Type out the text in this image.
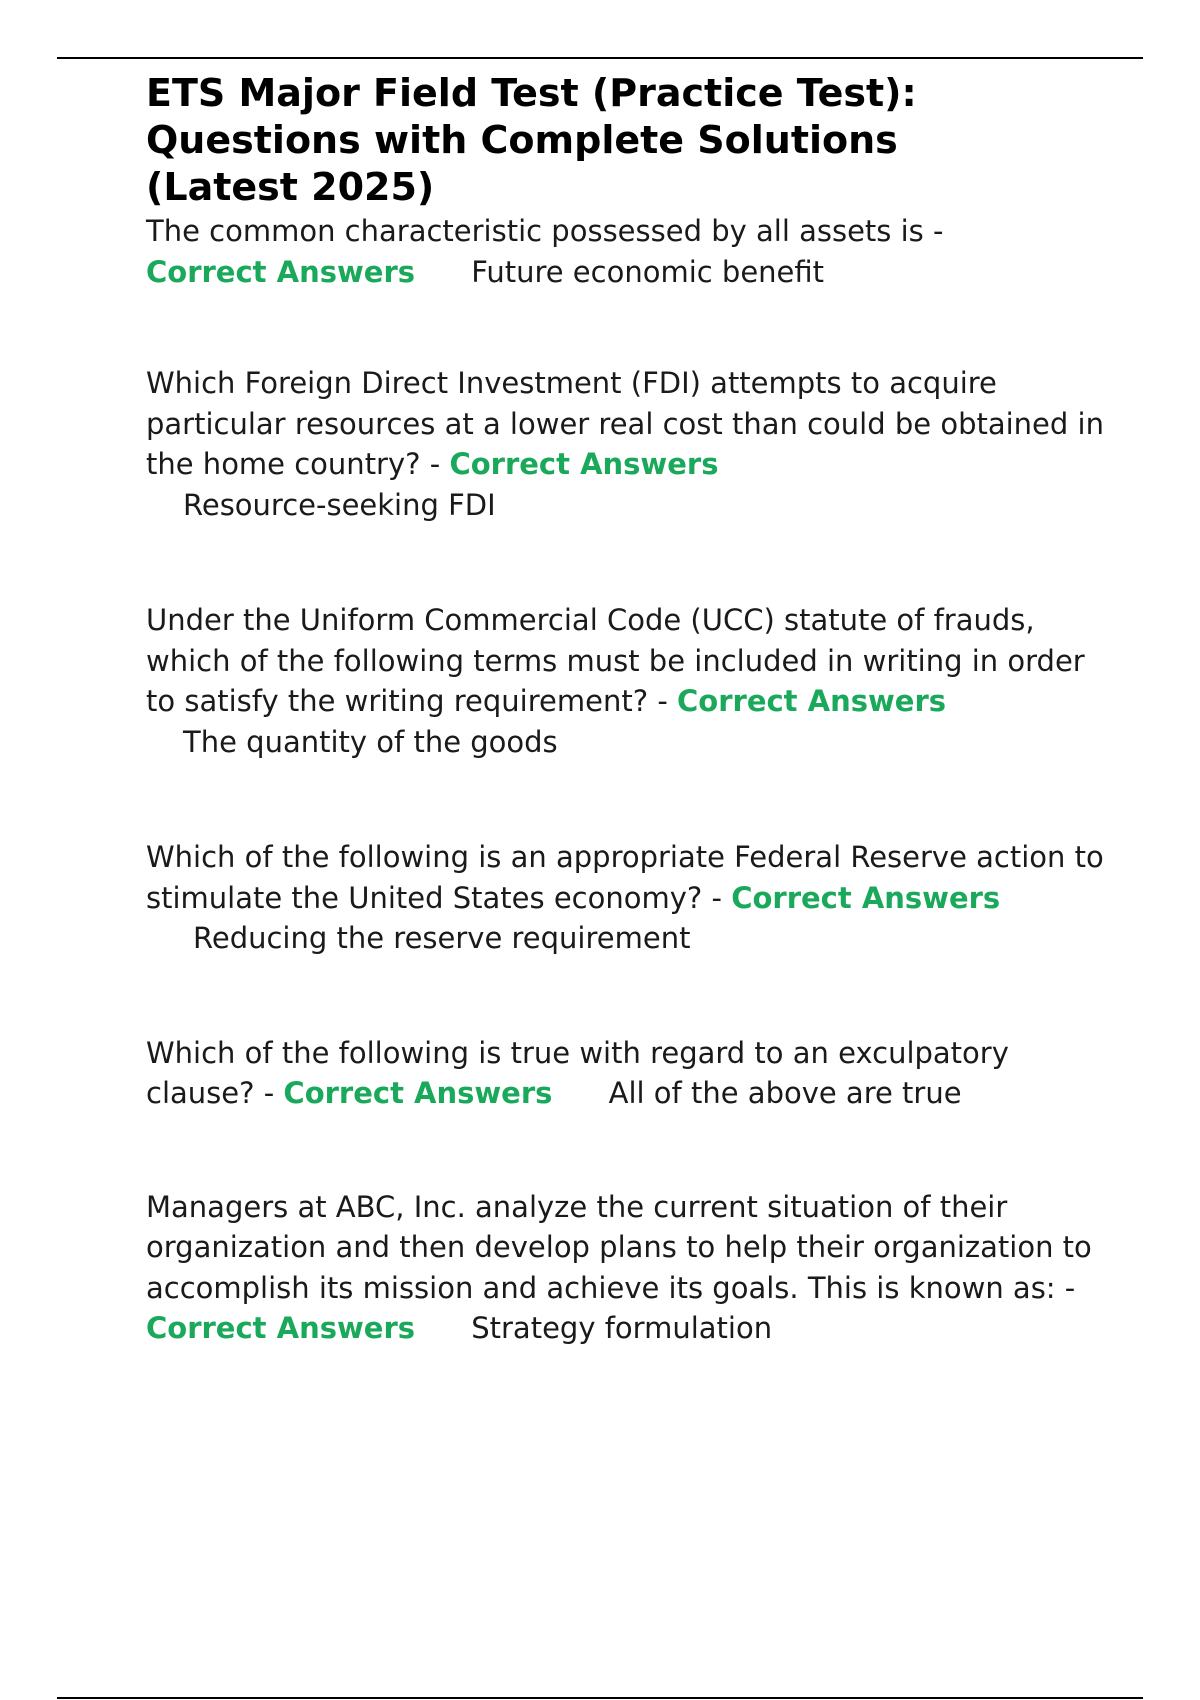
ETS Major Field Test (Practice Test):
Questions with Complete Solutions
(Latest 2025)

The common characteristic possessed by all assets is -
Correct Answers Future economic benefit

Which Foreign Direct Investment (FDI) attempts to acquire particular resources at a lower real cost than could be obtained in the home country? - Correct Answers
Resource-seeking FDI

Under the Uniform Commercial Code (UCC) statute of frauds, which of the following terms must be included in writing in order to satisfy the writing requirement? - Correct Answers
The quantity of the goods

Which of the following is an appropriate Federal Reserve action to stimulate the United States economy? - Correct Answers Reducing the reserve requirement

Which of the following is true with regard to an exculpatory clause? - Correct Answers All of the above are true

Managers at ABC, Inc. analyze the current situation of their organization and then develop plans to help their organization to accomplish its mission and achieve its goals. This is known as: - Correct Answers Strategy formulation
